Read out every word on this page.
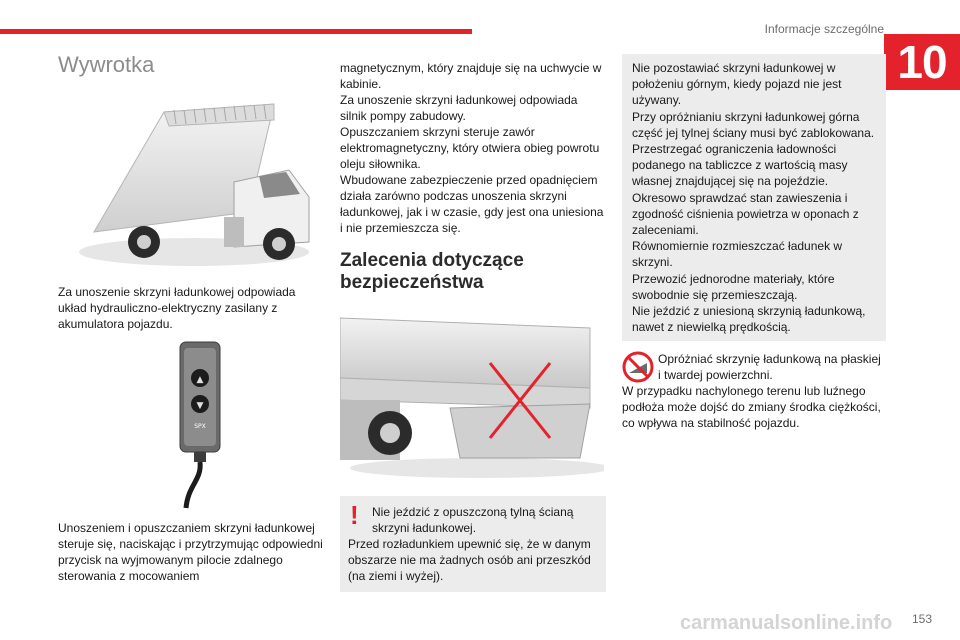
Informacje szczególne
10
Wywrotka

Za unoszenie skrzyni ładunkowej odpowiada układ hydrauliczno-elektryczny zasilany z akumulatora pojazdu.

▲
▼
SPX

Unoszeniem i opuszczaniem skrzyni ładunkowej steruje się, naciskając i przytrzymując odpowiedni przycisk na wyjmowanym pilocie zdalnego sterowania z mocowaniem

magnetycznym, który znajduje się na uchwycie w kabinie.
Za unoszenie skrzyni ładunkowej odpowiada silnik pompy zabudowy.
Opuszczaniem skrzyni steruje zawór elektromagnetyczny, który otwiera obieg powrotu oleju siłownika.
Wbudowane zabezpieczenie przed opadnięciem działa zarówno podczas unoszenia skrzyni ładunkowej, jak i w czasie, gdy jest ona uniesiona i nie przemieszcza się.

Zalecenia dotyczące bezpieczeństwa
!	Nie jeździć z opuszczoną tylną ścianą skrzyni ładunkowej.

Przed rozładunkiem upewnić się, że w danym obszarze nie ma żadnych osób ani przeszkód (na ziemi i wyżej).

Nie pozostawiać skrzyni ładunkowej w położeniu górnym, kiedy pojazd nie jest używany.
Przy opróżnianiu skrzyni ładunkowej górna część jej tylnej ściany musi być zablokowana.
Przestrzegać ograniczenia ładowności podanego na tabliczce z wartością masy własnej znajdującej się na pojeździe.
Okresowo sprawdzać stan zawieszenia i zgodność ciśnienia powietrza w oponach z zaleceniami.
Równomiernie rozmieszczać ładunek w skrzyni.
Przewozić jednorodne materiały, które swobodnie się przemieszczają.
Nie jeździć z uniesioną skrzynią ładunkową, nawet z niewielką prędkością.

Opróżniać skrzynię ładunkową na płaskiej i twardej powierzchni.

W przypadku nachylonego terenu lub luźnego podłoża może dojść do zmiany środka ciężkości, co wpływa na stabilność pojazdu.

carmanualsonline.info 153
